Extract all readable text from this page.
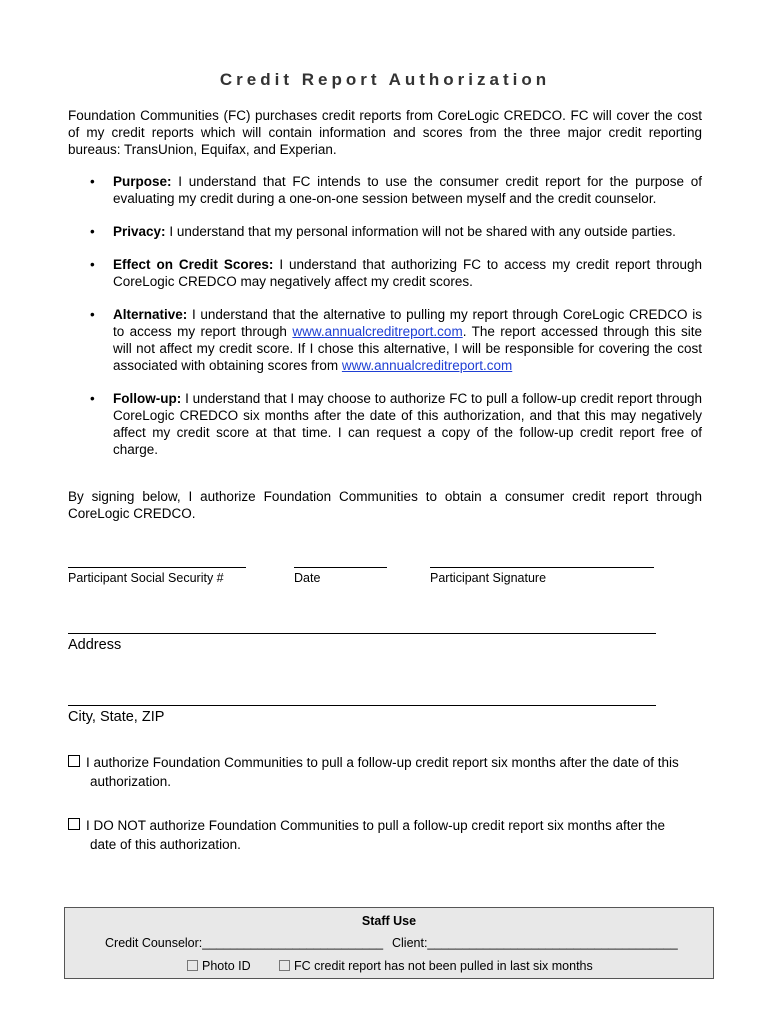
Credit Report Authorization
Foundation Communities (FC) purchases credit reports from CoreLogic CREDCO. FC will cover the cost of my credit reports which will contain information and scores from the three major credit reporting bureaus: TransUnion, Equifax, and Experian.
• Purpose: I understand that FC intends to use the consumer credit report for the purpose of evaluating my credit during a one-on-one session between myself and the credit counselor.
• Privacy: I understand that my personal information will not be shared with any outside parties.
• Effect on Credit Scores: I understand that authorizing FC to access my credit report through CoreLogic CREDCO may negatively affect my credit scores.
• Alternative: I understand that the alternative to pulling my report through CoreLogic CREDCO is to access my report through www.annualcreditreport.com. The report accessed through this site will not affect my credit score. If I chose this alternative, I will be responsible for covering the cost associated with obtaining scores from www.annualcreditreport.com
• Follow-up: I understand that I may choose to authorize FC to pull a follow-up credit report through CoreLogic CREDCO six months after the date of this authorization, and that this may negatively affect my credit score at that time. I can request a copy of the follow-up credit report free of charge.
By signing below, I authorize Foundation Communities to obtain a consumer credit report through CoreLogic CREDCO.
Participant Social Security #	Date	Participant Signature
Address
City, State, ZIP
I authorize Foundation Communities to pull a follow-up credit report six months after the date of this
authorization.
I DO NOT authorize Foundation Communities to pull a follow-up credit report six months after the
date of this authorization.
Staff Use
Credit Counselor:__________________________ Client:____________________________________
Photo ID	FC credit report has not been pulled in last six months
